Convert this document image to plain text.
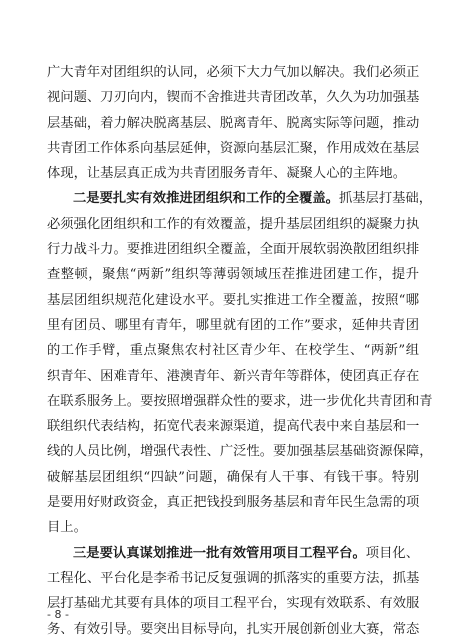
广大青年对团组织的认同，必须下大力气加以解决。我们必须正
视问题、刀刃向内，锲而不舍推进共青团改革，久久为功加强基
层基础，着力解决脱离基层、脱离青年、脱离实际等问题，推动
共青团工作体系向基层延伸，资源向基层汇聚，作用成效在基层
体现，让基层真正成为共青团服务青年、凝聚人心的主阵地。
二是要扎实有效推进团组织和工作的全覆盖。抓基层打基础，
必须强化团组织和工作的有效覆盖，提升基层团组织的凝聚力执
行力战斗力。要推进团组织全覆盖，全面开展软弱涣散团组织排
查整顿，聚焦“两新”组织等薄弱领域压茬推进团建工作，提升
基层团组织规范化建设水平。要扎实推进工作全覆盖，按照“哪
里有团员、哪里有青年，哪里就有团的工作”要求，延伸共青团
的工作手臂，重点聚焦农村社区青少年、在校学生、“两新”组
织青年、困难青年、港澳青年、新兴青年等群体，使团真正存在
在联系服务上。要按照增强群众性的要求，进一步优化共青团和青
联组织代表结构，拓宽代表来源渠道，提高代表中来自基层和一
线的人员比例，增强代表性、广泛性。要加强基层基础资源保障，
破解基层团组织“四缺”问题，确保有人干事、有钱干事。特别
是要用好财政资金，真正把钱投到服务基层和青年民生急需的项
目上。
三是要认真谋划推进一批有效管用项目工程平台。项目化、
工程化、平台化是李希书记反复强调的抓落实的重要方法，抓基
层打基础尤其要有具体的项目工程平台，实现有效联系、有效服
务、有效引导。要突出目标导向，扎实开展创新创业大赛，常态
- 8 -
